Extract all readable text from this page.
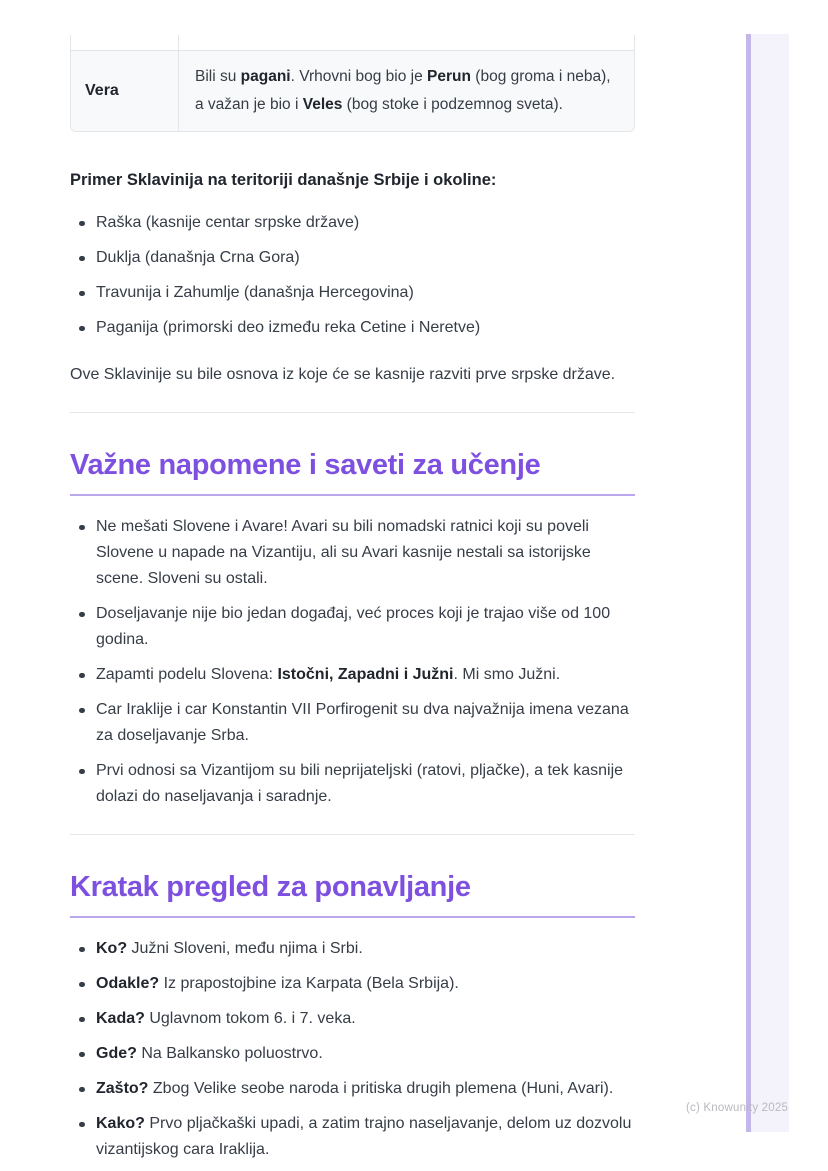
Vera
Bili su pagani. Vrhovni bog bio je Perun (bog groma i neba), a važan je bio i Veles (bog stoke i podzemnog sveta).

Primer Sklavinija na teritoriji današnje Srbije i okoline:

Raška (kasnije centar srpske države)
Duklja (današnja Crna Gora)
Travunija i Zahumlje (današnja Hercegovina)
Paganija (primorski deo između reka Cetine i Neretve)

Ove Sklavinije su bile osnova iz koje će se kasnije razviti prve srpske države.

Važne napomene i saveti za učenje
Ne mešati Slovene i Avare! Avari su bili nomadski ratnici koji su poveli Slovene u napade na Vizantiju, ali su Avari kasnije nestali sa istorijske scene. Sloveni su ostali.
Doseljavanje nije bio jedan događaj, već proces koji je trajao više od 100 godina.
Zapamti podelu Slovena: Istočni, Zapadni i Južni. Mi smo Južni.
Car Iraklije i car Konstantin VII Porfirogenit su dva najvažnija imena vezana za doseljavanje Srba.
Prvi odnosi sa Vizantijom su bili neprijateljski (ratovi, pljačke), a tek kasnije dolazi do naseljavanja i saradnje.
Kratak pregled za ponavljanje
Ko? Južni Sloveni, među njima i Srbi.
Odakle? Iz prapostojbine iza Karpata (Bela Srbija).
Kada? Uglavnom tokom 6. i 7. veka.
Gde? Na Balkansko poluostrvo.
Zašto? Zbog Velike seobe naroda i pritiska drugih plemena (Huni, Avari).
Kako? Prvo pljačkaški upadi, a zatim trajno naseljavanje, delom uz dozvolu vizantijskog cara Iraklija.
(c) Knowunity 2025
